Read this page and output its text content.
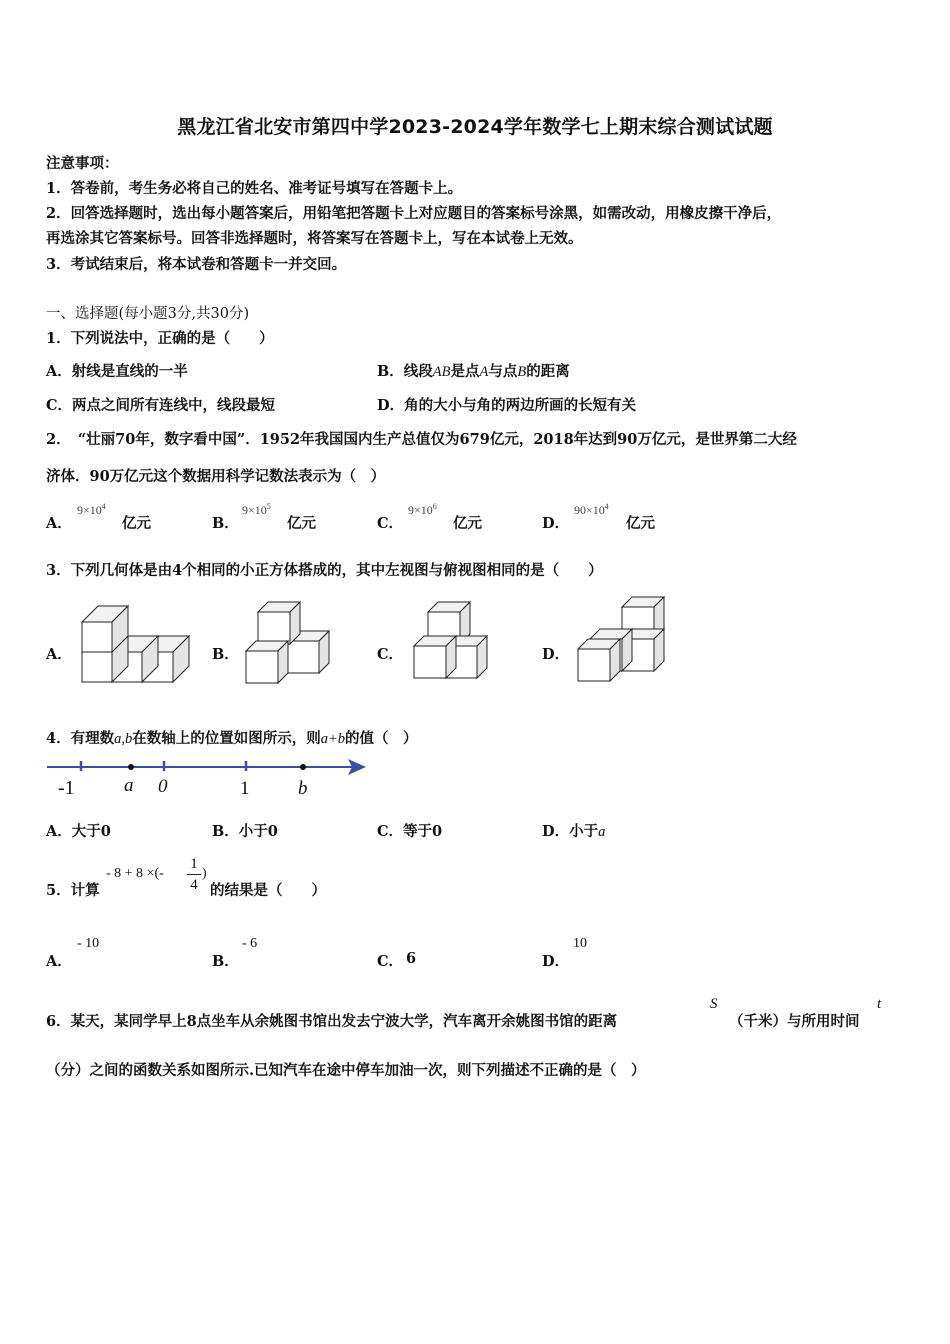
黑龙江省北安市第四中学2023-2024学年数学七上期末综合测试试题
注意事项：
1．答卷前，考生务必将自己的姓名、准考证号填写在答题卡上。
2．回答选择题时，选出每小题答案后，用铅笔把答题卡上对应题目的答案标号涂黑，如需改动，用橡皮擦干净后，
再选涂其它答案标号。回答非选择题时，将答案写在答题卡上，写在本试卷上无效。
3．考试结束后，将本试卷和答题卡一并交回。
一、选择题(每小题3分,共30分)
1．下列说法中，正确的是（　　）
A．射线是直线的一半	B．线段AB是点A与点B的距离
C．两点之间所有连线中，线段最短	D．角的大小与角的两边所画的长短有关
2．　“壮丽70年，数字看中国”．1952年我国国内生产总值仅为679亿元，2018年达到90万亿元，是世界第二大经
济体．90万亿元这个数据用科学记数法表示为（　）
A．
$9\times 10^4$
亿元	B．
$9\times 10^5$
亿元	C．
$9\times 10^6$
亿元	D．
$90\times 10^4$
亿元
3．下列几何体是由4个相同的小正方体搭成的，其中左视图与俯视图相同的是（　　）
A．	B．	C．	D．
4．有理数a,b在数轴上的位置如图所示，则a+b的值（　）
-1	a 0	1	b
A．大于0	B．小于0	C．等于0	D．小于a
5．计算
- 8 + 8 ×(-
1
4
)
的结果是（　　）
A．
- 10
B．
- 6
C． 6	D．
10
6．某天，某同学早上8点坐车从余姚图书馆出发去宁波大学，汽车离开余姚图书馆的距离
S
（千米）与所用时间
t
（分）之间的函数关系如图所示.已知汽车在途中停车加油一次，则下列描述不正确的是（　）
